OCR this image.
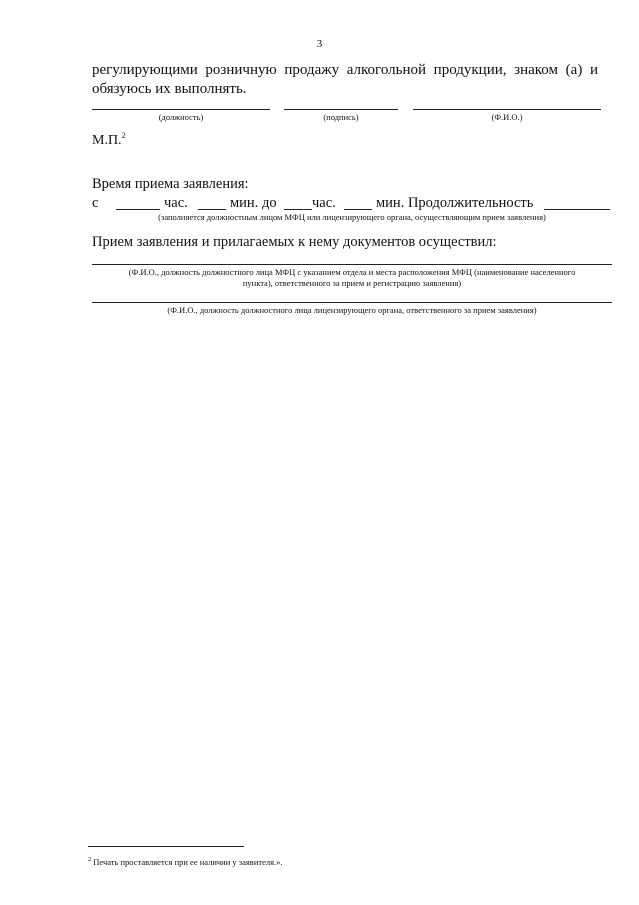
3
регулирующими розничную продажу алкогольной продукции, знаком (а) и
обязуюсь их выполнять.
(должность)	(подпись)	(Ф.И.О.)
М.П.$^2$
Время приема заявления:
с	час.	мин. до час.	мин. Продолжительность
(заполняется должностным лицом МФЦ или лицензирующего органа, осуществляющим прием заявления)
Прием заявления и прилагаемых к нему документов осуществил:
(Ф.И.О., должность должностного лица МФЦ с указанием отдела и места расположения МФЦ (наименование населенного
пункта), ответственного за прием и регистрацию заявления)
(Ф.И.О., должность должностного лица лицензирующего органа, ответственного за прием заявления)
$^2$ Печать проставляется при ее наличии у заявителя.».
